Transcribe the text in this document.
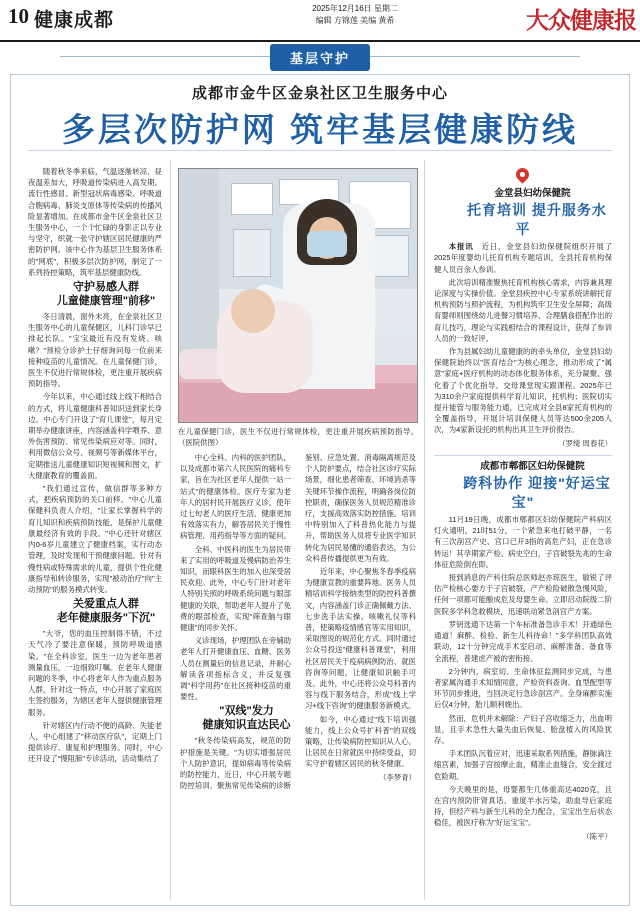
10 健康成都
2025年12月16日 星期二
编辑 方锦莲 美编 黄希	大众健康报
基层守护
成都市金牛区金泉社区卫生服务中心
多层次防护网 筑牢基层健康防线
在儿童保健门诊，医生不仅进行常规体检，更注重开展疾病预防指导。（医院供图）

随着秋冬季来临，气温逐渐转凉、昼夜温差加大，呼吸道传染病进入高发期。流行性感冒、新型冠状病毒感染、呼吸道合胞病毒、肺炎支原体等传染病的传播风险显著增加。在成都市金牛区金泉社区卫生服务中心，一个个忙碌的身影正以专业与坚守，织就一张守护辖区居民健康的严密防护网。该中心作为基层卫生服务体系的"网底"，积极多层次防护网，制定了一系列持控策略，筑牢基层健康防线。

守护易感人群

儿童健康管理"前移"

冬日清晨，窗外未亮，在金泉社区卫生服务中心的儿童保健区，儿科门诊早已排起长队。"宝宝最近有没有发烧、咳嗽？"预检分诊护士仔细询问每一位前来接种疫苗的儿童情况。在儿童保健门诊，医生不仅进行常规体检，更注重开展疾病预防指导。

今年以来，中心通过线上线下相结合的方式，将儿童健康科普知识送到家长身边。中心专门开设了"育儿课堂"，每月定期举办健康讲座，内容涵盖科学喂养、意外伤害预防、常见传染病应对等。同时，利用微信公众号、视频号等新媒体平台，定期推送儿童健康知识短视频和图文，扩大健康教育的覆盖面。

"我们通过宣传，做信群等多种方式，把疾病预防的关口前移。"中心儿童保健科负责人介绍，"让家长掌握科学的育儿知识和疾病预防技能，是保护儿童健康最经济有效的手段。"中心还针对辖区内0-6岁儿童建立了健康档案，实行动态管理，及时发现和干预健康问题。针对有慢性病或特殊需求的儿童，提供个性化健康指导和转诊服务，实现"被动治疗"向"主动预防"的服务模式转变。

关爱重点人群

老年健康服务"下沉"

"大爷，您的血压控制得不错，不过天气冷了要注意保暖，预防呼吸道感染。"在全科诊室，医生一边为老年患者测量血压，一边细致叮嘱。在老年人健康问题的冬季，中心将老年人作为重点服务人群，针对这一特点，中心开展了家庭医生签约服务，为辖区老年人提供健康管理服务。

针对辖区内行动不便的高龄、失能老人，中心组建了"移动医疗队"，定期上门提供诊疗、康复和护理服务。同时，中心还开设了"慢阻肺"专诊活动，活动集结了

中心全科、内科的医护团队，以及成都市第六人民医院的痛科专家，旨在为社区老年人提供一站一站式"的健康体检。医疗专家为老年人的居村民开展医疗义诊，使年过七旬老人的医疗生活、健康更加有效落实有力，解答居民关于慢性病管理、用药指导等方面的疑问。

全科、中医科的医生为居民带来了实用的呼吸道及慢病防治养生知识，而眼科医生的加入也深受居民欢迎。此外，中心专门针对老年人特别关照的呼吸系统问题与眼部健康的关联，帮助老年人提升了免费的眼部检查，实现"筛查脑与眼健康"的同步关怀。

义诊现场，护理团队在旁辅助老年人打开健康血压、血糖、医务人员在测量后的信息记录，并耐心解读各项指标含义，并反复强调"科学用药"在社区接种疫苗的重要性。

"双线"发力

健康知识直达民心

"秋冬传染病高发，规范的防护措施是关键。"为切实增强居民个人防护意识，提如病毒等传染病的防控能力，近日，中心开展专题防控培训、聚焦常见传染病的诊断鉴别、应急处置、消毒隔离规范及个人防护要点，结合社区诊疗实际场景，细化患者筛查、环境消杀等关键环节操作流程，明确各岗位防控职责，确保医务人员规范精准诊疗，支援高效落实防控措施。培训中特别加入了科普热化能力与提升，帮助医务人员将专业医学知识转化为居民易懂的通俗表达，为公众科普传播提供更为有效。

近年来，中心聚焦冬春季疫病为健康宣教的重要阵地。医务人员精培训科学接纳类型的防控科普撰文，内容涵盖门诊正确佩戴方法、七步洗手法实操、咳嗽礼仪等科普，使策略疫情感官等实用知识，采取图说的规范化方式。同时通过公众号投送"健康科普课堂"，利用社区居民关于疫病病例防治、就医咨询等问题，让健康知识触手可及。此外，中心还将公众号科普内容与线下服务结合，形成"线上学习+线下咨询"的健康服务新模式。

如今，中心通过"线下培训强能力，线上公众号扩科普"的双线策略，让传染病防控知识从人心，让居民在日常就医中持续受益，切实守护着辖区居民的秋冬健康。

（李梦青）

金堂县妇幼保健院

托育培训 提升服务水平

本报讯　近日，金堂县妇幼保健院组织开展了2025年度婴幼儿托育机构专题培训，全县托育机构保健人员百余人参训。

此次培训精准聚焦托育机构核心需求，内容兼具理论深度与实操价值。金堂县疾控中心专家系统讲解托育机构预防与照护流程，为机构筑牢卫生安全屏障；高级育婴师则围绕幼儿进餐习惯培养、合理膳食搭配作出的育儿技巧，理论与实践相结合的课程设计，获得了参训人员的一致好评。

作为县属妇幼儿童健康的的牵头单位，金堂县妇幼保健院始终以"医育结合"为核心理念，推动形成了"属意"家庭+医疗机构的动态体化服务体系，充分凝聚、强化着了个优化指导、交母课堂现实跟课程。2025年已为310余户家庭提供科学育儿知识，托机构；医院切实提升能管与服务能力通，已完成对全县8家托育机构的全覆盖指导，开展计培训保健人员等达500余205人次，为4家新设托的机构出具卫生评价报告。

（罗绮 周春花）

成都市郫都区妇幼保健院

跨科协作 迎接"好运宝宝"

11月19日晚，成都市郫都区妇幼保健院产科病区灯火通明，21时51分，一个紧急来电打破平静，一名有三次剖宫产史、宫口已开3指的高危产妇，正在急诊转运！其孕期家产检、病史空白，子宫破裂先兆的生命体征危险倒在即。

接到消息的产科住院总医师赵亦琼医生，敏锐了评估产检核心要方于子宫破裂，产产检险破散急慢风险，任何一项都可能酿成危及母婴生命。立即启动院级二阶医院多学科急救模块，迅速联动紧急剖宫产方案。

罗钥选通下达第一个车标准备急诊手术！开通绿色通道！麻醉、检验、新生儿科待命！"多学科团队高效联动，12十分钟完成手术室启动、麻醉准备、备血等全流程，普建虑产被的密衔接。

2分钟内，病室切、生命体征监测同步完成，与患者家属沟通手术知情同意，产检资料查询、血型配型等环节同步推进，当回决定行急诊剖宫产。全身麻醉实施后仅4分钟，胎儿顺利娩出。

然而，危机并未解除：产妇子宫收缩乏力，出血明显，且手术急性大量失血后恢复、胎盘植入的风险犹存。

手术团队沉着应对，迅速采取系列措施，静脉滴注缩宫素，加强子宫按摩止血，精准止血缝合，安全渡过危险期。

今天晚里的是，母婴都生几体重高达4020克，且在宫内预防肝肾真话、重度羊水污染，助血导后家庭持，但经产科与新生儿科的全力配合，宝宝出生后状态稳佳，被医疗称为"好运宝宝"。

（陈平）
